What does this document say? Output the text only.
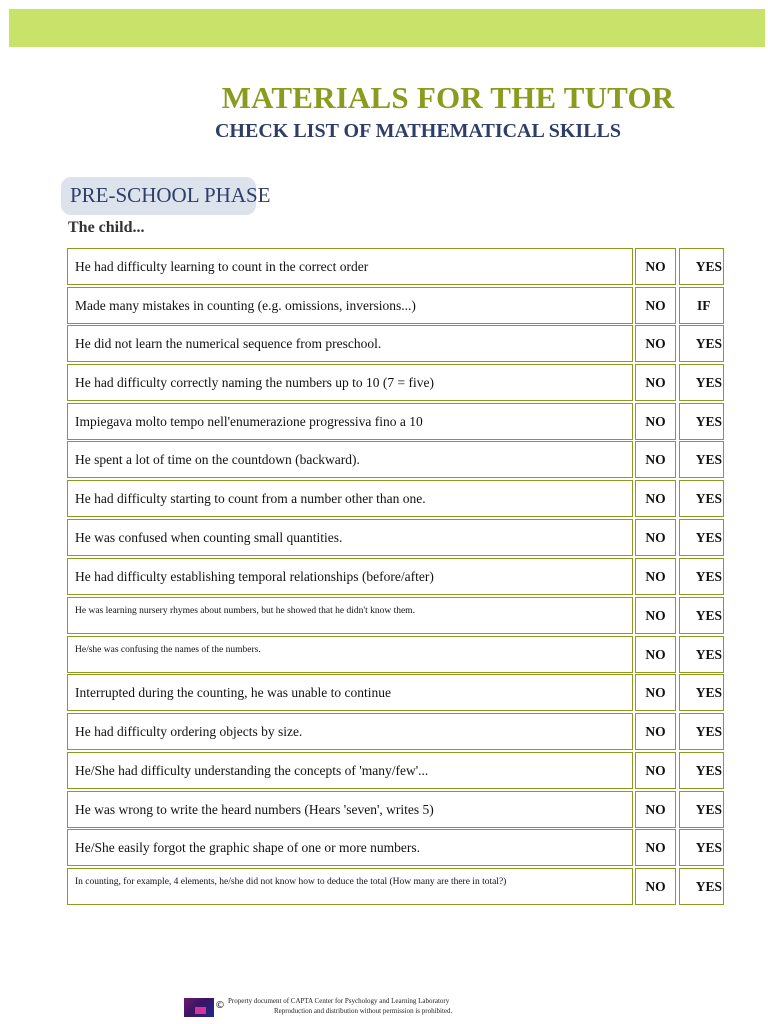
MATERIALS FOR THE TUTOR
CHECK LIST OF MATHEMATICAL SKILLS
PRE-SCHOOL PHASE
The child...
He had difficulty learning to count in the correct order	NO	YES
Made many mistakes in counting (e.g. omissions, inversions...)	NO	IF
He did not learn the numerical sequence from preschool.	NO	YES
He had difficulty correctly naming the numbers up to 10 (7 = five)	NO	YES
Impiegava molto tempo nell'enumerazione progressiva fino a 10	NO	YES
He spent a lot of time on the countdown (backward).	NO	YES
He had difficulty starting to count from a number other than one.	NO	YES
He was confused when counting small quantities.	NO	YES
He had difficulty establishing temporal relationships (before/after)	NO	YES
He was learning nursery rhymes about numbers, but he showed that he didn't know them.	NO	YES
He/she was confusing the names of the numbers.	NO	YES
Interrupted during the counting, he was unable to continue	NO	YES
He had difficulty ordering objects by size.	NO	YES
He/She had difficulty understanding the concepts of 'many/few'...	NO	YES
He was wrong to write the heard numbers (Hears 'seven', writes 5)	NO	YES
He/She easily forgot the graphic shape of one or more numbers.	NO	YES
In counting, for example, 4 elements, he/she did not know how to deduce the total (How many are there in total?)	NO	YES
© Property document of CAPTA Center for Psychology and Learning Laboratory
Reproduction and distribution without permission is prohibited.
